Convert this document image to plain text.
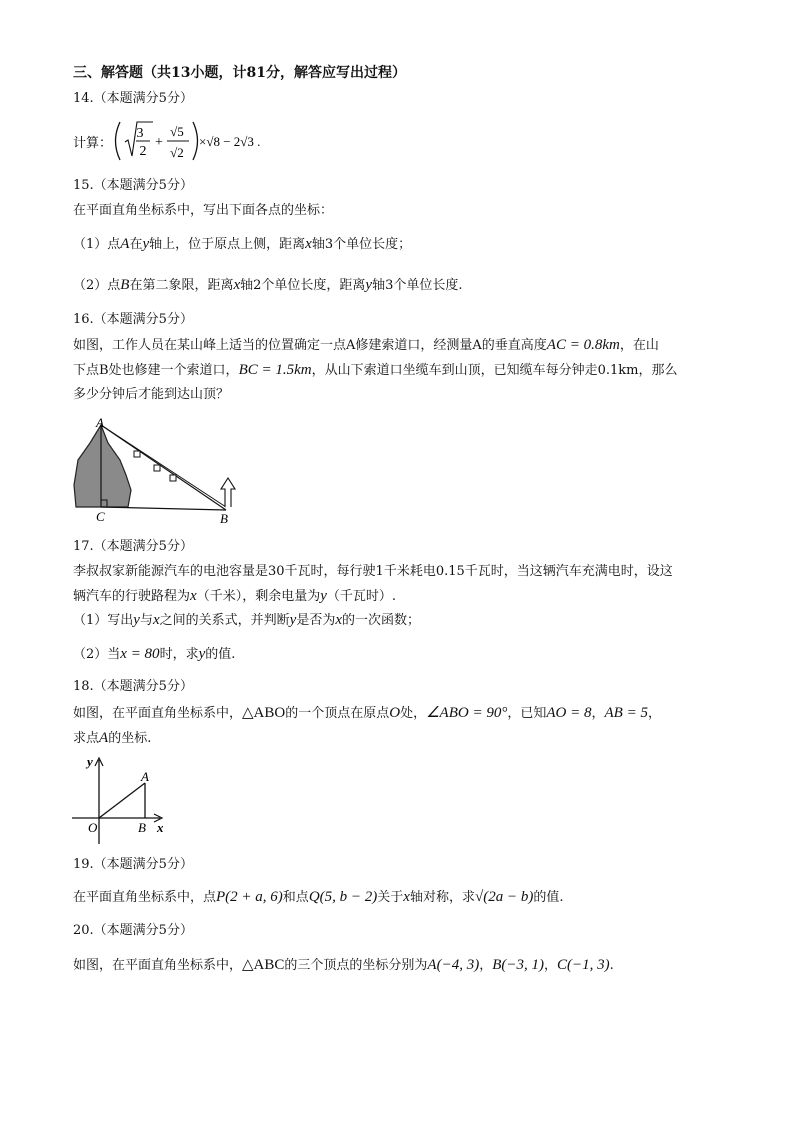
三、解答题（共13小题，计81分，解答应写出过程）
14.（本题满分5分）
计算：
3
2
+
√5
√2
×√8 − 2√3 .
15.（本题满分5分）
在平面直角坐标系中，写出下面各点的坐标：
（1）点A在y轴上，位于原点上侧，距离x轴3个单位长度；
（2）点B在第二象限，距离x轴2个单位长度，距离y轴3个单位长度.
16.（本题满分5分）
如图，工作人员在某山峰上适当的位置确定一点A修建索道口，经测量A的垂直高度AC = 0.8km，在山
下点B处也修建一个索道口，BC = 1.5km，从山下索道口坐缆车到山顶，已知缆车每分钟走0.1km，那么
多少分钟后才能到达山顶？
A
C	B
17.（本题满分5分）
李叔叔家新能源汽车的电池容量是30千瓦时，每行驶1千米耗电0.15千瓦时，当这辆汽车充满电时，设这
辆汽车的行驶路程为x（千米），剩余电量为y（千瓦时）.
（1）写出y与x之间的关系式，并判断y是否为x的一次函数；
（2）当x = 80时，求y的值.
18.（本题满分5分）
如图，在平面直角坐标系中，△ABO的一个顶点在原点O处，∠ABO = 90°，已知AO = 8，AB = 5，
求点A的坐标.
y
x
A
B
O
19.（本题满分5分）
在平面直角坐标系中，点P(2 + a, 6)和点Q(5, b − 2)关于x轴对称，求√(2a − b)的值.
20.（本题满分5分）
如图，在平面直角坐标系中，△ABC的三个顶点的坐标分别为A(−4, 3)，B(−3, 1)，C(−1, 3).
